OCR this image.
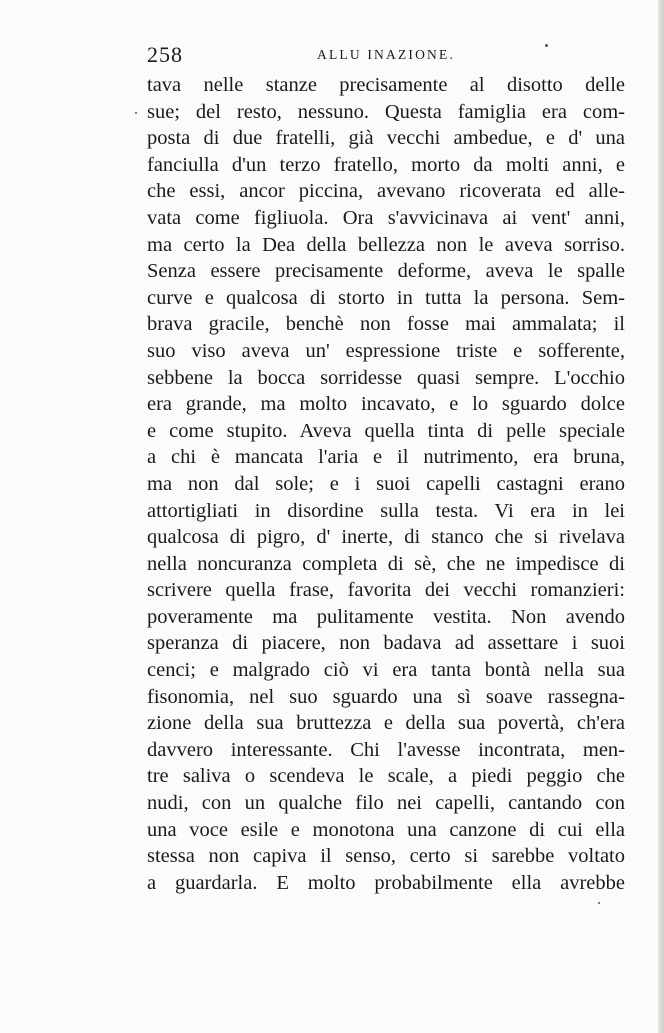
258	ALLU INAZIONE.
tava nelle stanze precisamente al disotto delle
sue; del resto, nessuno. Questa famiglia era com-
posta di due fratelli, già vecchi ambedue, e d' una
fanciulla d'un terzo fratello, morto da molti anni, e
che essi, ancor piccina, avevano ricoverata ed alle-
vata come figliuola. Ora s'avvicinava ai vent' anni,
ma certo la Dea della bellezza non le aveva sorriso.
Senza essere precisamente deforme, aveva le spalle
curve e qualcosa di storto in tutta la persona. Sem-
brava gracile, benchè non fosse mai ammalata; il
suo viso aveva un' espressione triste e sofferente,
sebbene la bocca sorridesse quasi sempre. L'occhio
era grande, ma molto incavato, e lo sguardo dolce
e come stupito. Aveva quella tinta di pelle speciale
a chi è mancata l'aria e il nutrimento, era bruna,
ma non dal sole; e i suoi capelli castagni erano
attortigliati in disordine sulla testa. Vi era in lei
qualcosa di pigro, d' inerte, di stanco che si rivelava
nella noncuranza completa di sè, che ne impedisce di
scrivere quella frase, favorita dei vecchi romanzieri:
poveramente ma pulitamente vestita. Non avendo
speranza di piacere, non badava ad assettare i suoi
cenci; e malgrado ciò vi era tanta bontà nella sua
fisonomia, nel suo sguardo una sì soave rassegna-
zione della sua bruttezza e della sua povertà, ch'era
davvero interessante. Chi l'avesse incontrata, men-
tre saliva o scendeva le scale, a piedi peggio che
nudi, con un qualche filo nei capelli, cantando con
una voce esile e monotona una canzone di cui ella
stessa non capiva il senso, certo si sarebbe voltato
a guardarla. E molto probabilmente ella avrebbe
